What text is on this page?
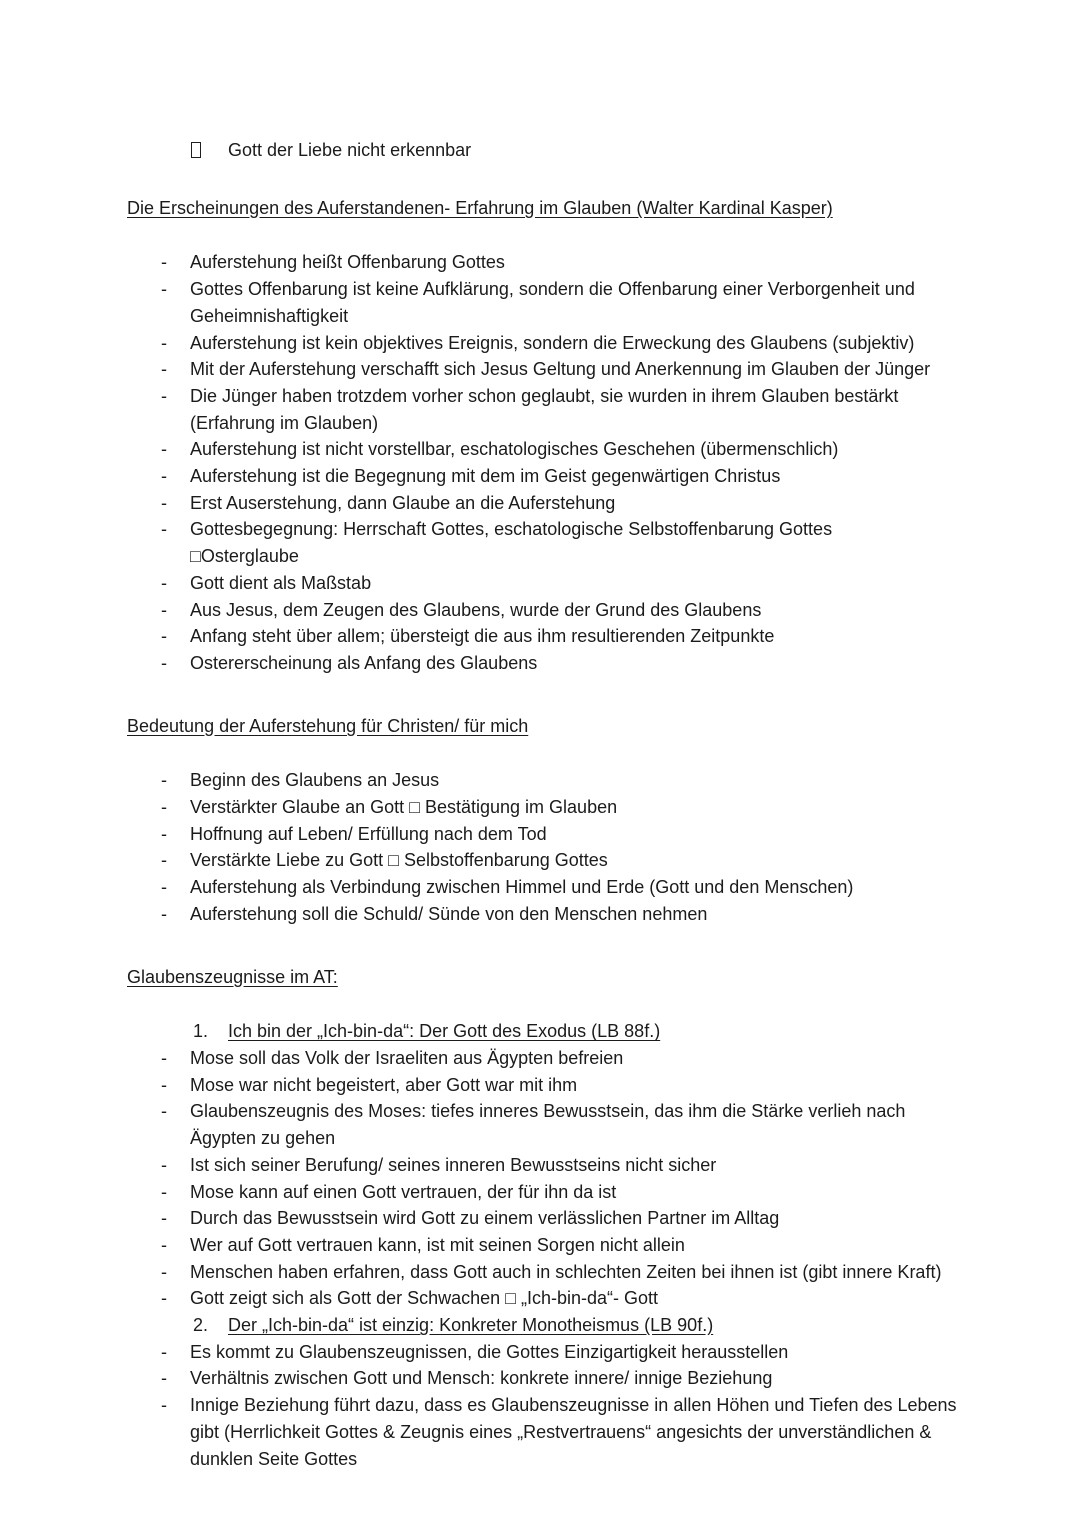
Gott der Liebe nicht erkennbar
Die Erscheinungen des Auferstandenen- Erfahrung im Glauben (Walter Kardinal Kasper)
-	Auferstehung heißt Offenbarung Gottes
-	Gottes Offenbarung ist keine Aufklärung, sondern die Offenbarung einer Verborgenheit und Geheimnishaftigkeit
-	Auferstehung ist kein objektives Ereignis, sondern die Erweckung des Glaubens (subjektiv)
-	Mit der Auferstehung verschafft sich Jesus Geltung und Anerkennung im Glauben der Jünger
-	Die Jünger haben trotzdem vorher schon geglaubt, sie wurden in ihrem Glauben bestärkt (Erfahrung im Glauben)
-	Auferstehung ist nicht vorstellbar, eschatologisches Geschehen (übermenschlich)
-	Auferstehung ist die Begegnung mit dem im Geist gegenwärtigen Christus
-	Erst Auserstehung, dann Glaube an die Auferstehung
-	Gottesbegegnung: Herrschaft Gottes, eschatologische Selbstoffenbarung Gottes
□Osterglaube
-	Gott dient als Maßstab
-	Aus Jesus, dem Zeugen des Glaubens, wurde der Grund des Glaubens
-	Anfang steht über allem; übersteigt die aus ihm resultierenden Zeitpunkte
-	Ostererscheinung als Anfang des Glaubens
Bedeutung der Auferstehung für Christen/ für mich
-	Beginn des Glaubens an Jesus
-	Verstärkter Glaube an Gott □ Bestätigung im Glauben
-	Hoffnung auf Leben/ Erfüllung nach dem Tod
-	Verstärkte Liebe zu Gott □ Selbstoffenbarung Gottes
-	Auferstehung als Verbindung zwischen Himmel und Erde (Gott und den Menschen)
-	Auferstehung soll die Schuld/ Sünde von den Menschen nehmen
Glaubenszeugnisse im AT:
1.	Ich bin der „Ich-bin-da“: Der Gott des Exodus (LB 88f.)
-	Mose soll das Volk der Israeliten aus Ägypten befreien
-	Mose war nicht begeistert, aber Gott war mit ihm
-	Glaubenszeugnis des Moses: tiefes inneres Bewusstsein, das ihm die Stärke verlieh nach Ägypten zu gehen
-	Ist sich seiner Berufung/ seines inneren Bewusstseins nicht sicher
-	Mose kann auf einen Gott vertrauen, der für ihn da ist
-	Durch das Bewusstsein wird Gott zu einem verlässlichen Partner im Alltag
-	Wer auf Gott vertrauen kann, ist mit seinen Sorgen nicht allein
-	Menschen haben erfahren, dass Gott auch in schlechten Zeiten bei ihnen ist (gibt innere Kraft)
-	Gott zeigt sich als Gott der Schwachen □ „Ich-bin-da“- Gott
2.	Der „Ich-bin-da“ ist einzig: Konkreter Monotheismus (LB 90f.)
-	Es kommt zu Glaubenszeugnissen, die Gottes Einzigartigkeit herausstellen
-	Verhältnis zwischen Gott und Mensch: konkrete innere/ innige Beziehung
-	Innige Beziehung führt dazu, dass es Glaubenszeugnisse in allen Höhen und Tiefen des Lebens gibt (Herrlichkeit Gottes & Zeugnis eines „Restvertrauens“ angesichts der unverständlichen & dunklen Seite Gottes
